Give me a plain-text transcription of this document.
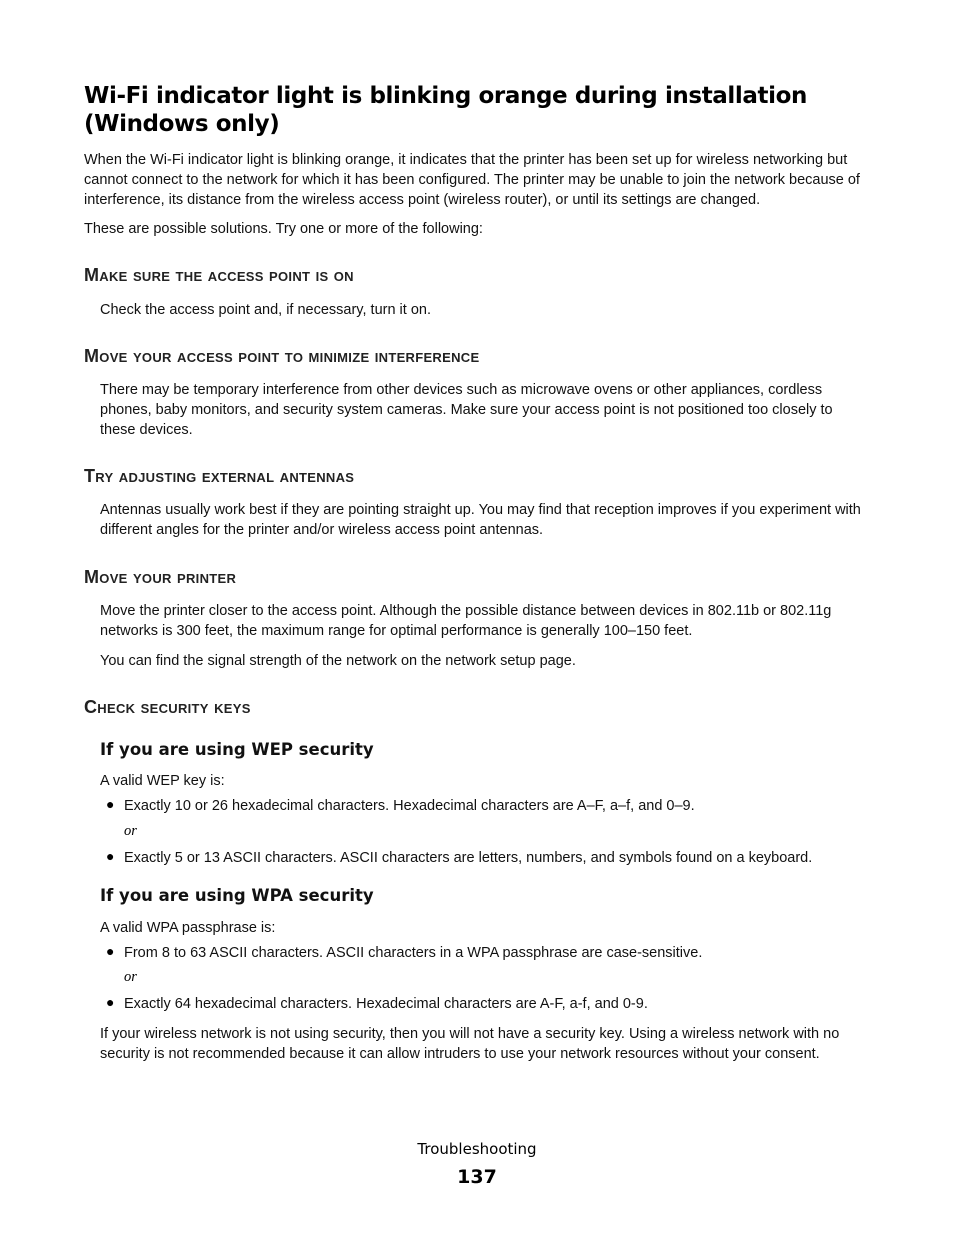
Wi-Fi indicator light is blinking orange during installation (Windows only)

When the Wi-Fi indicator light is blinking orange, it indicates that the printer has been set up for wireless networking but cannot connect to the network for which it has been configured. The printer may be unable to join the network because of interference, its distance from the wireless access point (wireless router), or until its settings are changed.

These are possible solutions. Try one or more of the following:

Make sure the access point is on

Check the access point and, if necessary, turn it on.

Move your access point to minimize interference

There may be temporary interference from other devices such as microwave ovens or other appliances, cordless phones, baby monitors, and security system cameras. Make sure your access point is not positioned too closely to these devices.

Try adjusting external antennas

Antennas usually work best if they are pointing straight up. You may find that reception improves if you experiment with different angles for the printer and/or wireless access point antennas.

Move your printer

Move the printer closer to the access point. Although the possible distance between devices in 802.11b or 802.11g networks is 300 feet, the maximum range for optimal performance is generally 100–150 feet.

You can find the signal strength of the network on the network setup page.

Check security keys
If you are using WEP security

A valid WEP key is:

● Exactly 10 or 26 hexadecimal characters. Hexadecimal characters are A–F, a–f, and 0–9.

or
● Exactly 5 or 13 ASCII characters. ASCII characters are letters, numbers, and symbols found on a keyboard.

If you are using WPA security

A valid WPA passphrase is:

● From 8 to 63 ASCII characters. ASCII characters in a WPA passphrase are case-sensitive.

or
● Exactly 64 hexadecimal characters. Hexadecimal characters are A-F, a-f, and 0-9.

If your wireless network is not using security, then you will not have a security key. Using a wireless network with no security is not recommended because it can allow intruders to use your network resources without your consent.

Troubleshooting
137
